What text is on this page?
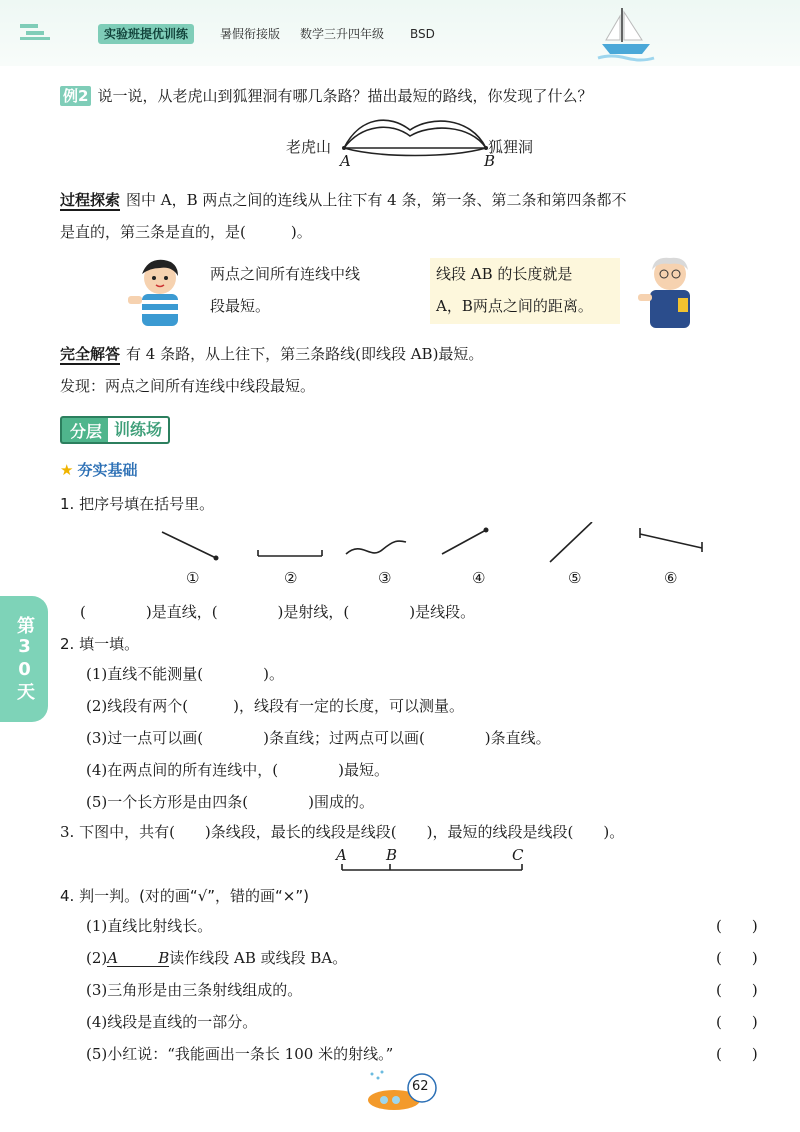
实验班提优训练	暑假衔接版 数学三升四年级 BSD
例2 说一说，从老虎山到狐狸洞有哪几条路？描出最短的路线，你发现了什么？
老虎山
A
狐狸洞
B
过程探索 图中 A，B 两点之间的连线从上往下有 4 条，第一条、第二条和第四条都不
是直的，第三条是直的，是(　　　)。
两点之间所有连线中线
段最短。
线段 AB 的长度就是
A，B两点之间的距离。
完全解答 有 4 条路，从上往下，第三条路线(即线段 AB)最短。
发现：两点之间所有连线中线段最短。
分层 训练场
★ 夯实基础
第30天
1. 把序号填在括号里。
①	②	③	④	⑤	⑥
(　　　　)是直线，(　　　　)是射线，(　　　　)是线段。
2. 填一填。
(1)直线不能测量(　　　　)。
(2)线段有两个(　　　)，线段有一定的长度，可以测量。
(3)过一点可以画(　　　　)条直线；过两点可以画(　　　　)条直线。
(4)在两点间的所有连线中，(　　　　)最短。
(5)一个长方形是由四条(　　　　)围成的。
3. 下图中，共有(　　)条线段，最长的线段是线段(　　)，最短的线段是线段(　　)。
A	B	C
4. 判一判。(对的画“√”，错的画“×”)
(1)直线比射线长。
(2)A	B 读作线段 AB 或线段 BA。
(3)三角形是由三条射线组成的。
(4)线段是直线的一部分。
(5)小红说：“我能画出一条长 100 米的射线。”
(　　)
(　　)
(　　)
(　　)
(　　)
62
